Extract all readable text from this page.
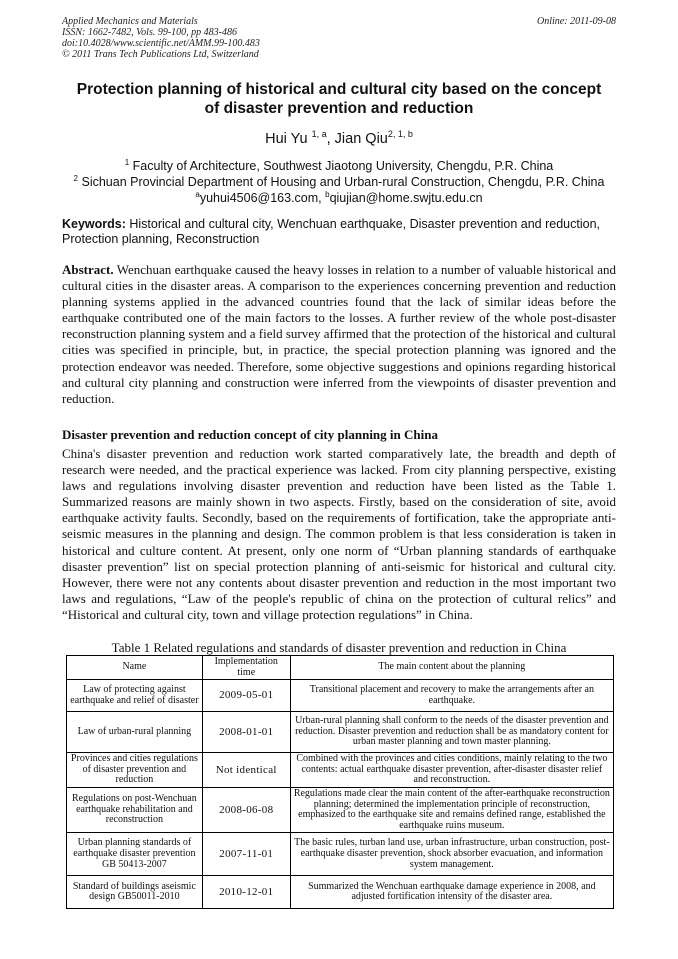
Applied Mechanics and Materials
ISSN: 1662-7482, Vols. 99-100, pp 483-486
doi:10.4028/www.scientific.net/AMM.99-100.483
© 2011 Trans Tech Publications Ltd, Switzerland
Online: 2011-09-08
Protection planning of historical and cultural city based on the concept
of disaster prevention and reduction
Hui Yu $^{1, a}$, Jian Qiu$^{2, 1, b}$
$^1$ Faculty of Architecture, Southwest Jiaotong University, Chengdu, P.R. China
$^2$ Sichuan Provincial Department of Housing and Urban-rural Construction, Chengdu, P.R. China
$^a$yuhui4506@163.com, $^b$qiujian@home.swjtu.edu.cn
Keywords: Historical and cultural city, Wenchuan earthquake, Disaster prevention and reduction, Protection planning, Reconstruction
Abstract. Wenchuan earthquake caused the heavy losses in relation to a number of valuable historical and cultural cities in the disaster areas. A comparison to the experiences concerning prevention and reduction planning systems applied in the advanced countries found that the lack of similar ideas before the earthquake contributed one of the main factors to the losses. A further review of the whole post-disaster reconstruction planning system and a field survey affirmed that the protection of the historical and cultural cities was specified in principle, but, in practice, the special protection planning was ignored and the protection endeavor was needed. Therefore, some objective suggestions and opinions regarding historical and cultural city planning and construction were inferred from the viewpoints of disaster prevention and reduction.
Disaster prevention and reduction concept of city planning in China
China's disaster prevention and reduction work started comparatively late, the breadth and depth of research were needed, and the practical experience was lacked. From city planning perspective, existing laws and regulations involving disaster prevention and reduction have been listed as the Table 1. Summarized reasons are mainly shown in two aspects. Firstly, based on the consideration of site, avoid earthquake activity faults. Secondly, based on the requirements of fortification, take the appropriate anti-seismic measures in the planning and design. The common problem is that less consideration is taken in historical and culture content. At present, only one norm of “Urban planning standards of earthquake disaster prevention” list on special protection planning of anti-seismic for historical and cultural city. However, there were not any contents about disaster prevention and reduction in the most important two laws and regulations, “Law of the people's republic of china on the protection of cultural relics” and “Historical and cultural city, town and village protection regulations” in China.
Table 1 Related regulations and standards of disaster prevention and reduction in China
Name	Implementation time	The main content about the planning
Law of protecting against earthquake and relief of disaster	2009-05-01	Transitional placement and recovery to make the arrangements after an earthquake.
Law of urban-rural planning	2008-01-01	Urban-rural planning shall conform to the needs of the disaster prevention and reduction. Disaster prevention and reduction shall be as mandatory content for urban master planning and town master planning.
Provinces and cities regulations of disaster prevention and reduction	Not identical	Combined with the provinces and cities conditions, mainly relating to the two contents: actual earthquake disaster prevention, after-disaster disaster relief and reconstruction.
Regulations on post-Wenchuan earthquake rehabilitation and reconstruction	2008-06-08	Regulations made clear the main content of the after-earthquake reconstruction planning; determined the implementation principle of reconstruction, emphasized to the earthquake site and remains defined range, established the earthquake ruins museum.
Urban planning standards of earthquake disaster prevention GB 50413-2007	2007-11-01	The basic rules, turban land use, urban infrastructure, urban construction, post-earthquake disaster prevention, shock absorber evacuation, and information system management.
Standard of buildings aseismic design GB50011-2010	2010-12-01	Summarized the Wenchuan earthquake damage experience in 2008, and adjusted fortification intensity of the disaster area.
